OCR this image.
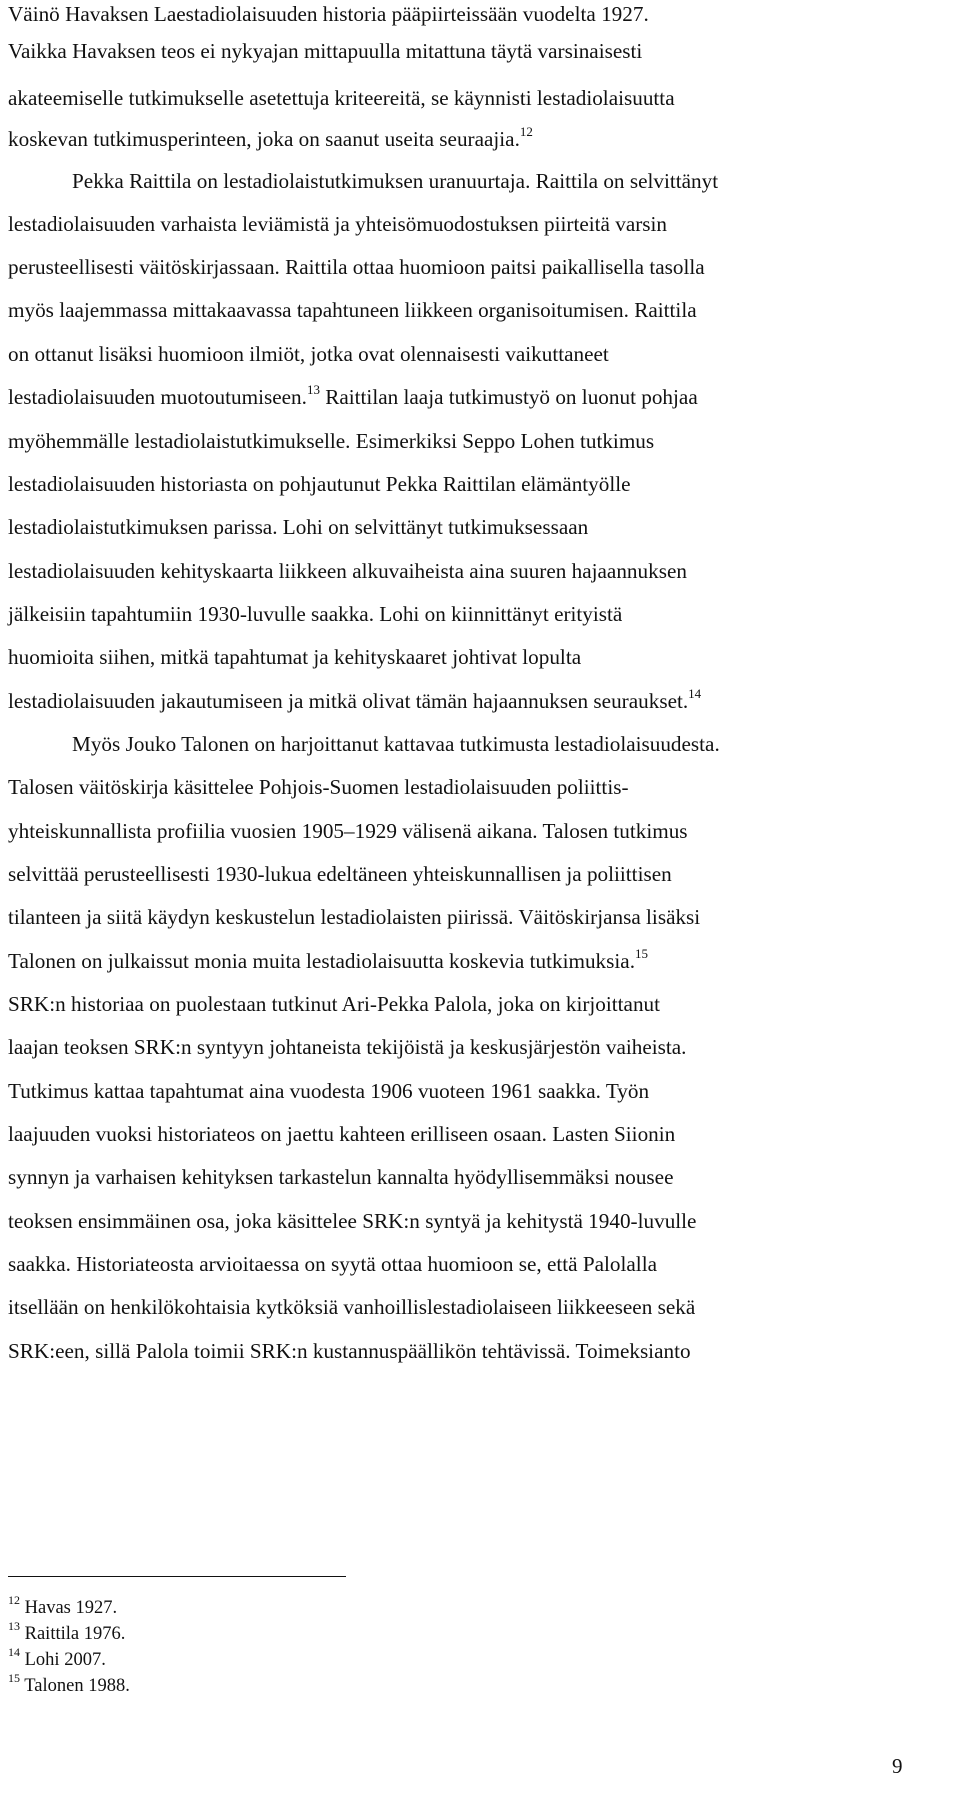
Väinö Havaksen Laestadiolaisuuden historia pääpiirteissään vuodelta 1927.
Vaikka Havaksen teos ei nykyajan mittapuulla mitattuna täytä varsinaisesti
akateemiselle tutkimukselle asetettuja kriteereitä, se käynnisti lestadiolaisuutta
koskevan tutkimusperinteen, joka on saanut useita seuraajia.$^{12}$
Pekka Raittila on lestadiolaistutkimuksen uranuurtaja. Raittila on selvittänyt
lestadiolaisuuden varhaista leviämistä ja yhteisömuodostuksen piirteitä varsin
perusteellisesti väitöskirjassaan. Raittila ottaa huomioon paitsi paikallisella tasolla
myös laajemmassa mittakaavassa tapahtuneen liikkeen organisoitumisen. Raittila
on ottanut lisäksi huomioon ilmiöt, jotka ovat olennaisesti vaikuttaneet
lestadiolaisuuden muotoutumiseen.$^{13}$ Raittilan laaja tutkimustyö on luonut pohjaa
myöhemmälle lestadiolaistutkimukselle. Esimerkiksi Seppo Lohen tutkimus
lestadiolaisuuden historiasta on pohjautunut Pekka Raittilan elämäntyölle
lestadiolaistutkimuksen parissa. Lohi on selvittänyt tutkimuksessaan
lestadiolaisuuden kehityskaarta liikkeen alkuvaiheista aina suuren hajaannuksen
jälkeisiin tapahtumiin 1930-luvulle saakka. Lohi on kiinnittänyt erityistä
huomioita siihen, mitkä tapahtumat ja kehityskaaret johtivat lopulta
lestadiolaisuuden jakautumiseen ja mitkä olivat tämän hajaannuksen seuraukset.$^{14}$
Myös Jouko Talonen on harjoittanut kattavaa tutkimusta lestadiolaisuudesta.
Talosen väitöskirja käsittelee Pohjois-Suomen lestadiolaisuuden poliittis-
yhteiskunnallista profiilia vuosien 1905–1929 välisenä aikana. Talosen tutkimus
selvittää perusteellisesti 1930-lukua edeltäneen yhteiskunnallisen ja poliittisen
tilanteen ja siitä käydyn keskustelun lestadiolaisten piirissä. Väitöskirjansa lisäksi
Talonen on julkaissut monia muita lestadiolaisuutta koskevia tutkimuksia.$^{15}$
SRK:n historiaa on puolestaan tutkinut Ari-Pekka Palola, joka on kirjoittanut
laajan teoksen SRK:n syntyyn johtaneista tekijöistä ja keskusjärjestön vaiheista.
Tutkimus kattaa tapahtumat aina vuodesta 1906 vuoteen 1961 saakka. Työn
laajuuden vuoksi historiateos on jaettu kahteen erilliseen osaan. Lasten Siionin
synnyn ja varhaisen kehityksen tarkastelun kannalta hyödyllisemmäksi nousee
teoksen ensimmäinen osa, joka käsittelee SRK:n syntyä ja kehitystä 1940-luvulle
saakka. Historiateosta arvioitaessa on syytä ottaa huomioon se, että Palolalla
itsellään on henkilökohtaisia kytköksiä vanhoillislestadiolaiseen liikkeeseen sekä
SRK:een, sillä Palola toimii SRK:n kustannuspäällikön tehtävissä. Toimeksianto
$^{12}$ Havas 1927.
$^{13}$ Raittila 1976.
$^{14}$ Lohi 2007.
$^{15}$ Talonen 1988.
9
